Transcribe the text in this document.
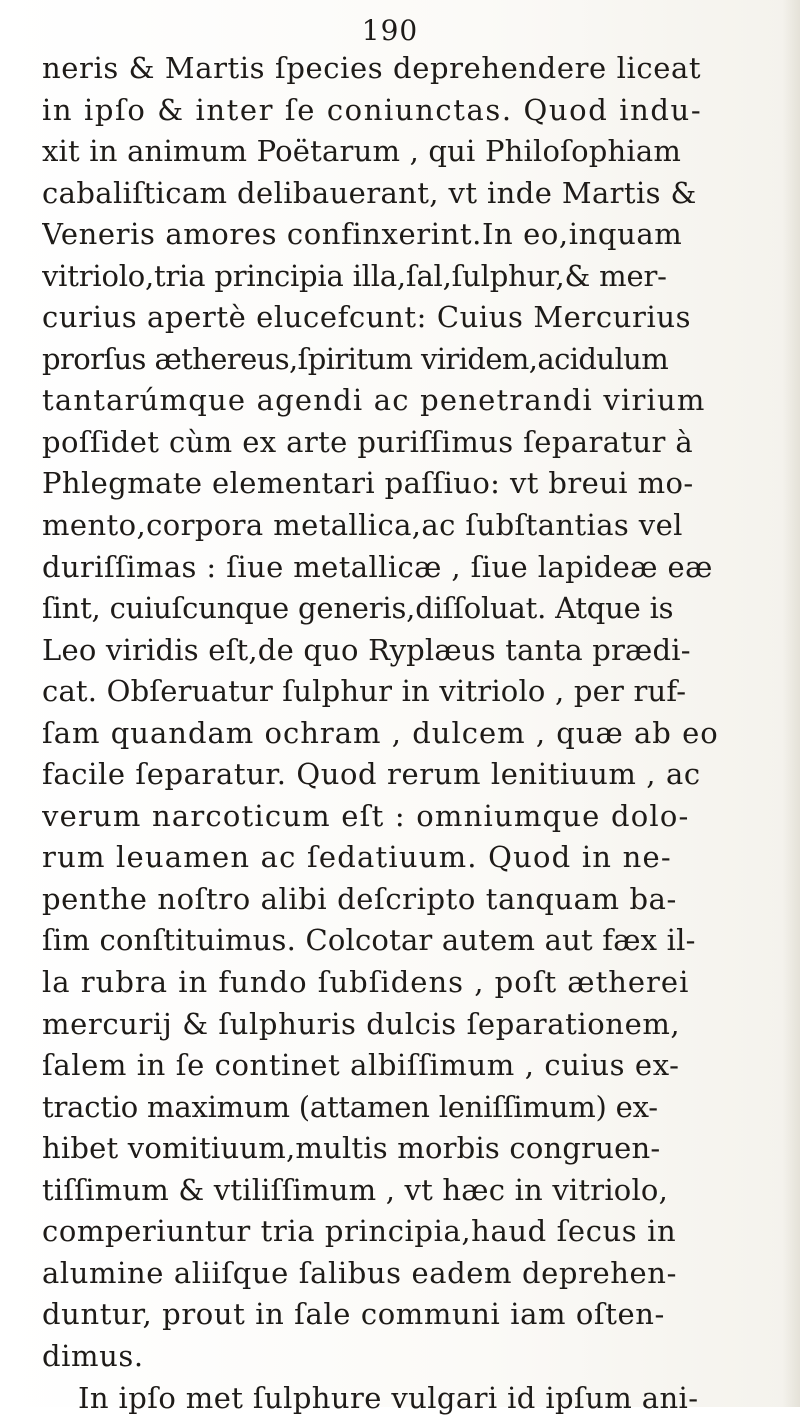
190
neris & Martis ſpecies deprehendere liceat
in ipſo & inter ſe coniunctas. Quod indu-
xit in animum Poëtarum , qui Philoſophiam
cabaliſticam delibauerant, vt inde Martis &
Veneris amores confinxerint.In eo,inquam
vitriolo,tria principia illa,ſal,ſulphur,& mer-
curius apertè elucefcunt: Cuius Mercurius
prorſus æthereus,ſpiritum viridem,acidulum
tantarúmque agendi ac penetrandi virium
poſſidet cùm ex arte puriſſimus ſeparatur à
Phlegmate elementari paſſiuo: vt breui mo-
mento,corpora metallica,ac ſubſtantias vel
duriſſimas : ſiue metallicæ , ſiue lapideæ eæ
ſint, cuiuſcunque generis,diſſoluat. Atque is
Leo viridis eſt,de quo Ryplæus tanta prædi-
cat. Obſeruatur ſulphur in vitriolo , per ruf-
ſam quandam ochram , dulcem , quæ ab eo
facile ſeparatur. Quod rerum lenitiuum , ac
verum narcoticum eſt : omniumque dolo-
rum leuamen ac ſedatiuum. Quod in ne-
penthe noſtro alibi deſcripto tanquam ba-
ſim conſtituimus. Colcotar autem aut fæx il-
la rubra in fundo ſubſidens , poſt ætherei
mercurij & ſulphuris dulcis ſeparationem,
ſalem in ſe continet albiſſimum , cuius ex-
tractio maximum (attamen leniſſimum) ex-
hibet vomitiuum,multis morbis congruen-
tiſſimum & vtiliſſimum , vt hæc in vitriolo,
comperiuntur tria principia,haud ſecus in
alumine aliiſque ſalibus eadem deprehen-
duntur, prout in ſale communi iam oſten-
dimus.
In ipſo met ſulphure vulgari id ipſum ani-
